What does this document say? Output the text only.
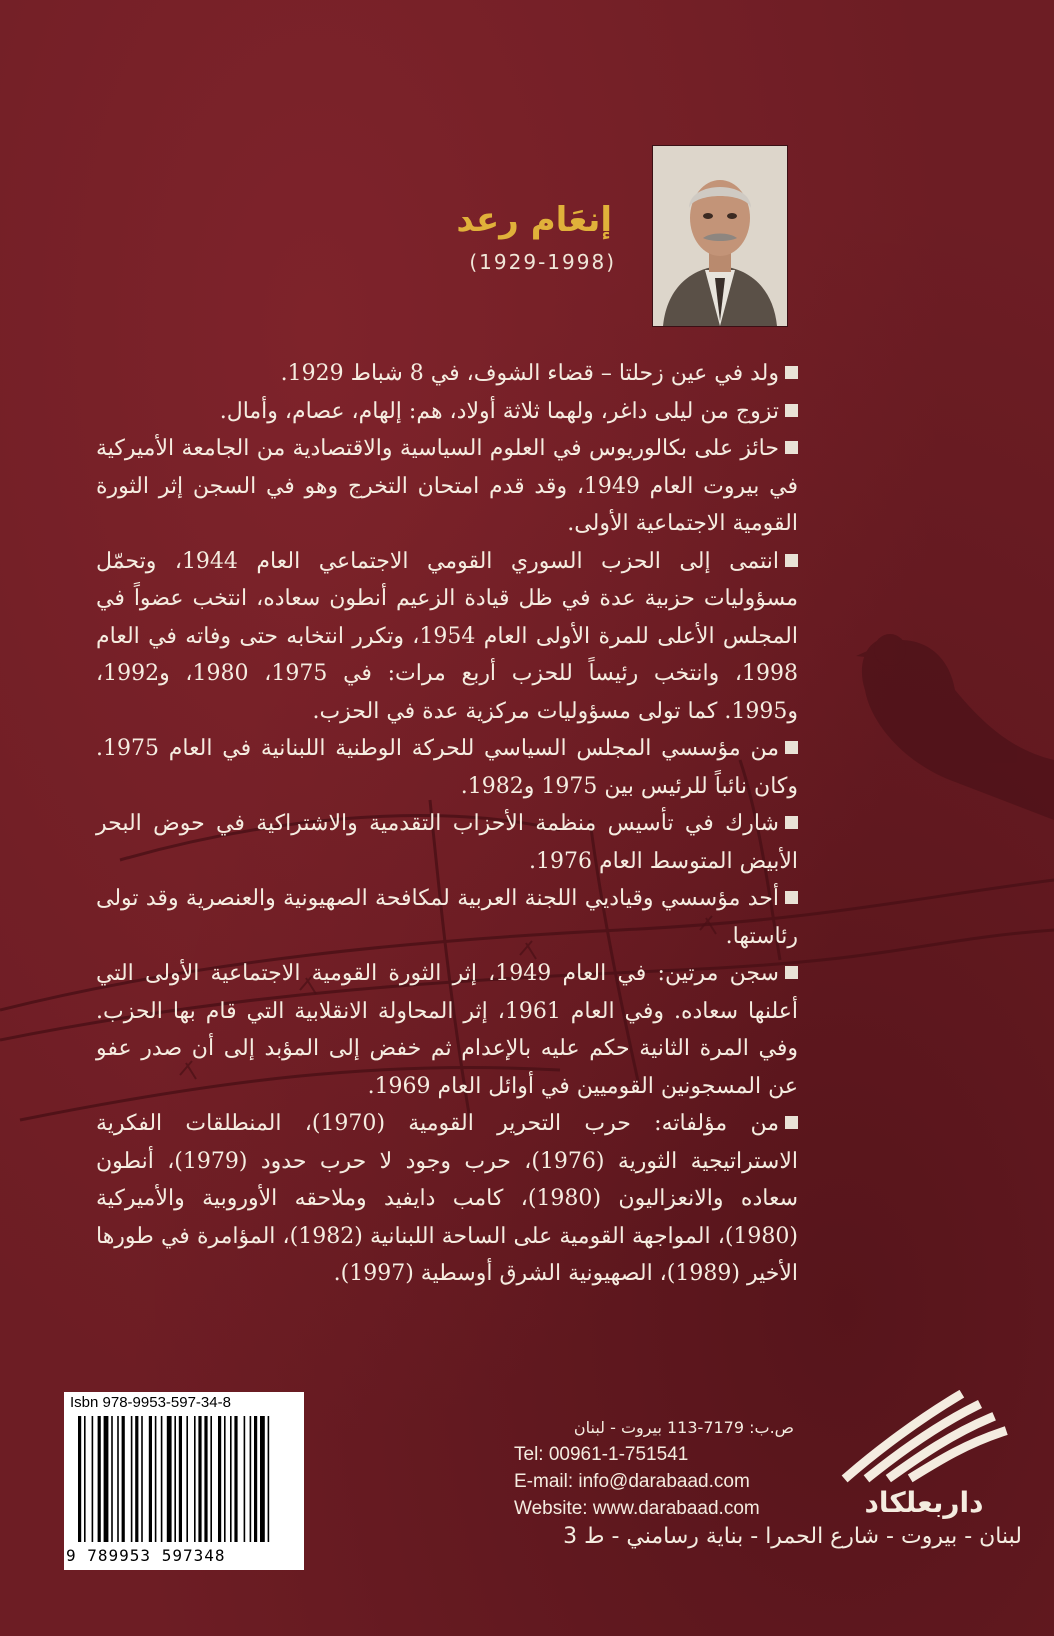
إنعَام رعد
(1929-1998)

ولد في عين زحلتا – قضاء الشوف، في 8 شباط 1929.

تزوج من ليلى داغر، ولهما ثلاثة أولاد، هم: إلهام، عصام، وأمال.

حائز على بكالوريوس في العلوم السياسية والاقتصادية من الجامعة الأميركية في بيروت العام 1949، وقد قدم امتحان التخرج وهو في السجن إثر الثورة القومية الاجتماعية الأولى.

انتمى إلى الحزب السوري القومي الاجتماعي العام 1944، وتحمّل مسؤوليات حزبية عدة في ظل قيادة الزعيم أنطون سعاده، انتخب عضواً في المجلس الأعلى للمرة الأولى العام 1954، وتكرر انتخابه حتى وفاته في العام 1998، وانتخب رئيساً للحزب أربع مرات: في 1975، 1980، و1992، و1995. كما تولى مسؤوليات مركزية عدة في الحزب.

من مؤسسي المجلس السياسي للحركة الوطنية اللبنانية في العام 1975. وكان نائباً للرئيس بين 1975 و1982.

شارك في تأسيس منظمة الأحزاب التقدمية والاشتراكية في حوض البحر الأبيض المتوسط العام 1976.

أحد مؤسسي وقياديي اللجنة العربية لمكافحة الصهيونية والعنصرية وقد تولى رئاستها.

سجن مرتين: في العام 1949، إثر الثورة القومية الاجتماعية الأولى التي أعلنها سعاده. وفي العام 1961، إثر المحاولة الانقلابية التي قام بها الحزب. وفي المرة الثانية حكم عليه بالإعدام ثم خفض إلى المؤبد إلى أن صدر عفو عن المسجونين القوميين في أوائل العام 1969.

من مؤلفاته: حرب التحرير القومية (1970)، المنطلقات الفكرية الاستراتيجية الثورية (1976)، حرب وجود لا حرب حدود (1979)، أنطون سعاده والانعزاليون (1980)، كامب دايفيد وملاحقه الأوروبية والأميركية (1980)، المواجهة القومية على الساحة اللبنانية (1982)، المؤامرة في طورها الأخير (1989)، الصهيونية الشرق أوسطية (1997).

Isbn 978-9953-597-34-8
9 789953 597348
ص.ب: 7179-113 بيروت - لبنان
Tel: 00961-1-751541
E-mail: info@darabaad.com
Website: www.darabaad.com
لبنان - بيروت - شارع الحمرا - بناية رسامني - ط 3
داربعلكاد
